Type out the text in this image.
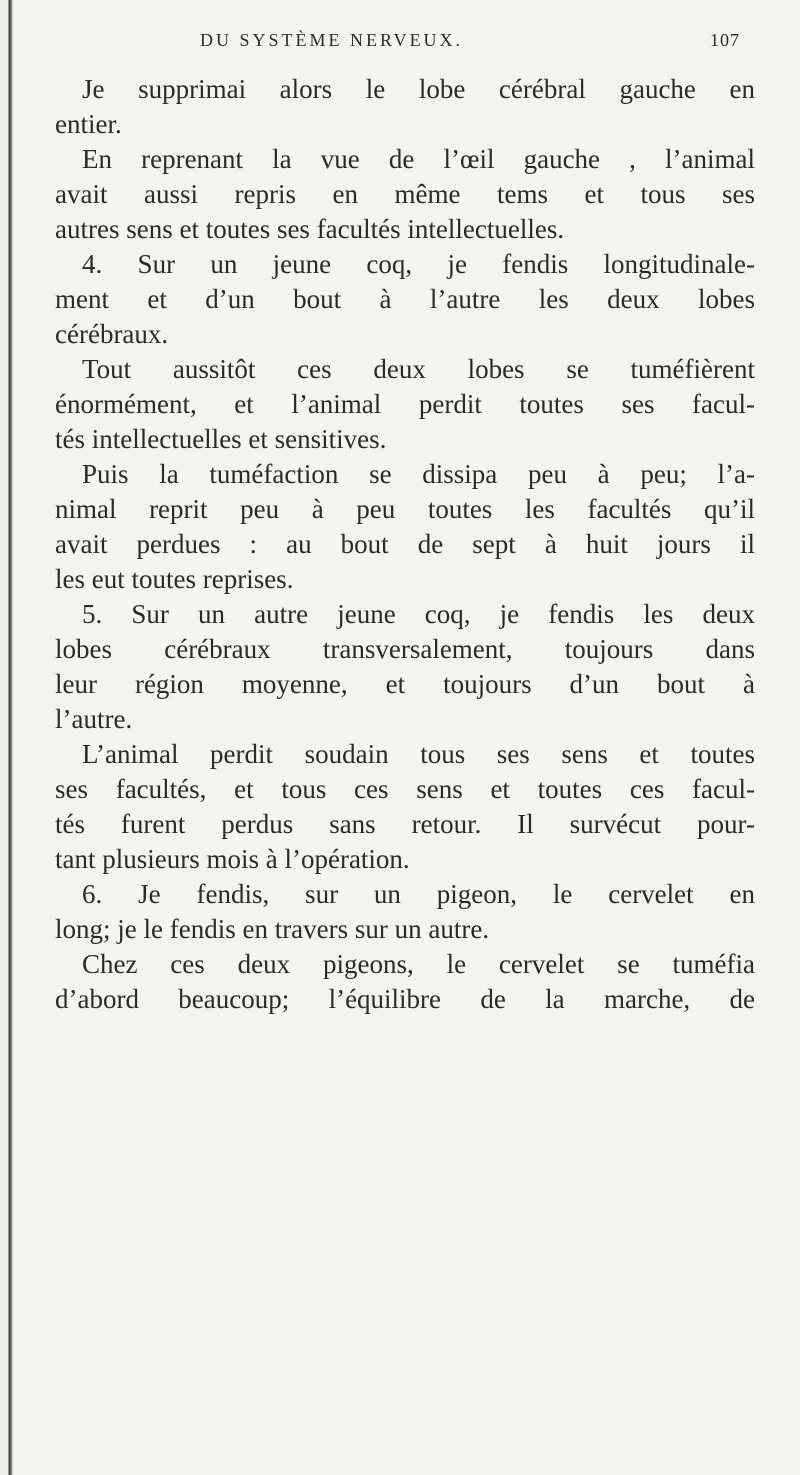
DU SYSTÈME NERVEUX.	107
Je supprimai alors le lobe cérébral gauche en
entier.
En reprenant la vue de l’œil gauche , l’animal
avait aussi repris en même tems et tous ses
autres sens et toutes ses facultés intellectuelles.
4. Sur un jeune coq, je fendis longitudinale-
ment et d’un bout à l’autre les deux lobes
cérébraux.
Tout aussitôt ces deux lobes se tuméfièrent
énormément, et l’animal perdit toutes ses facul-
tés intellectuelles et sensitives.
Puis la tuméfaction se dissipa peu à peu; l’a-
nimal reprit peu à peu toutes les facultés qu’il
avait perdues : au bout de sept à huit jours il
les eut toutes reprises.
5. Sur un autre jeune coq, je fendis les deux
lobes cérébraux transversalement, toujours dans
leur région moyenne, et toujours d’un bout à
l’autre.
L’animal perdit soudain tous ses sens et toutes
ses facultés, et tous ces sens et toutes ces facul-
tés furent perdus sans retour. Il survécut pour-
tant plusieurs mois à l’opération.
6. Je fendis, sur un pigeon, le cervelet en
long; je le fendis en travers sur un autre.
Chez ces deux pigeons, le cervelet se tuméfia
d’abord beaucoup; l’équilibre de la marche, de
